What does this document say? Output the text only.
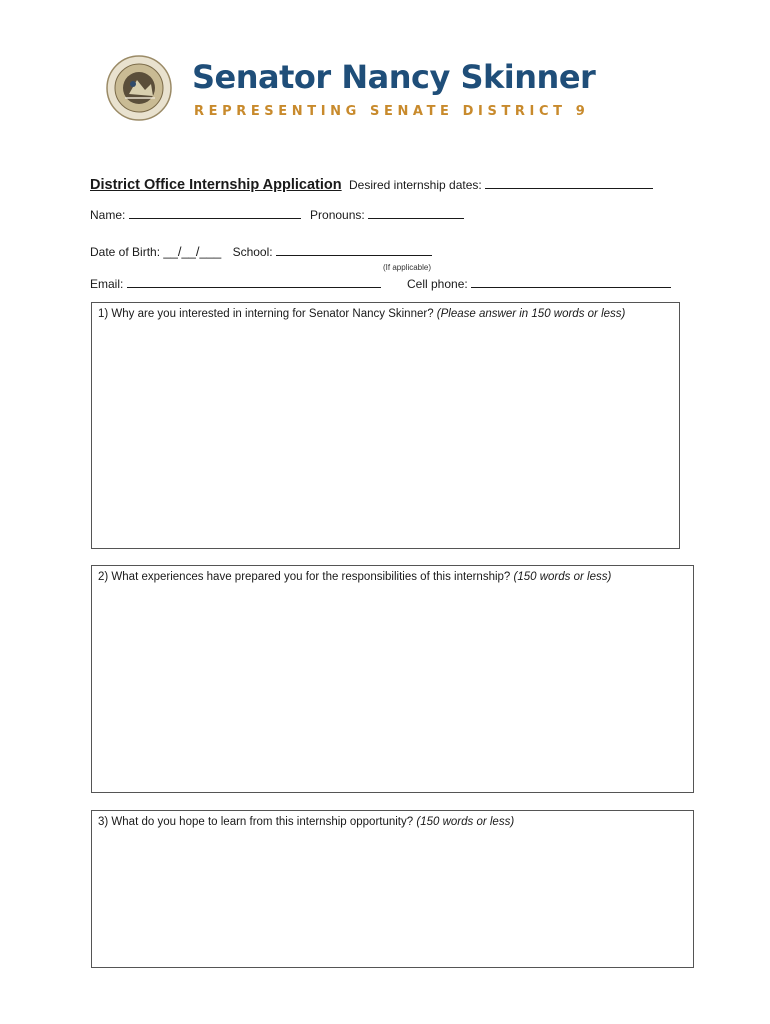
Senator Nancy Skinner
REPRESENTING SENATE DISTRICT 9
District Office Internship Application Desired internship dates:
Name:	Pronouns:
Date of Birth: __/__/___ School:
(If applicable)
Email:	Cell phone:
1) Why are you interested in interning for Senator Nancy Skinner? (Please answer in 150 words or less)
2) What experiences have prepared you for the responsibilities of this internship? (150 words or less)
3) What do you hope to learn from this internship opportunity? (150 words or less)
